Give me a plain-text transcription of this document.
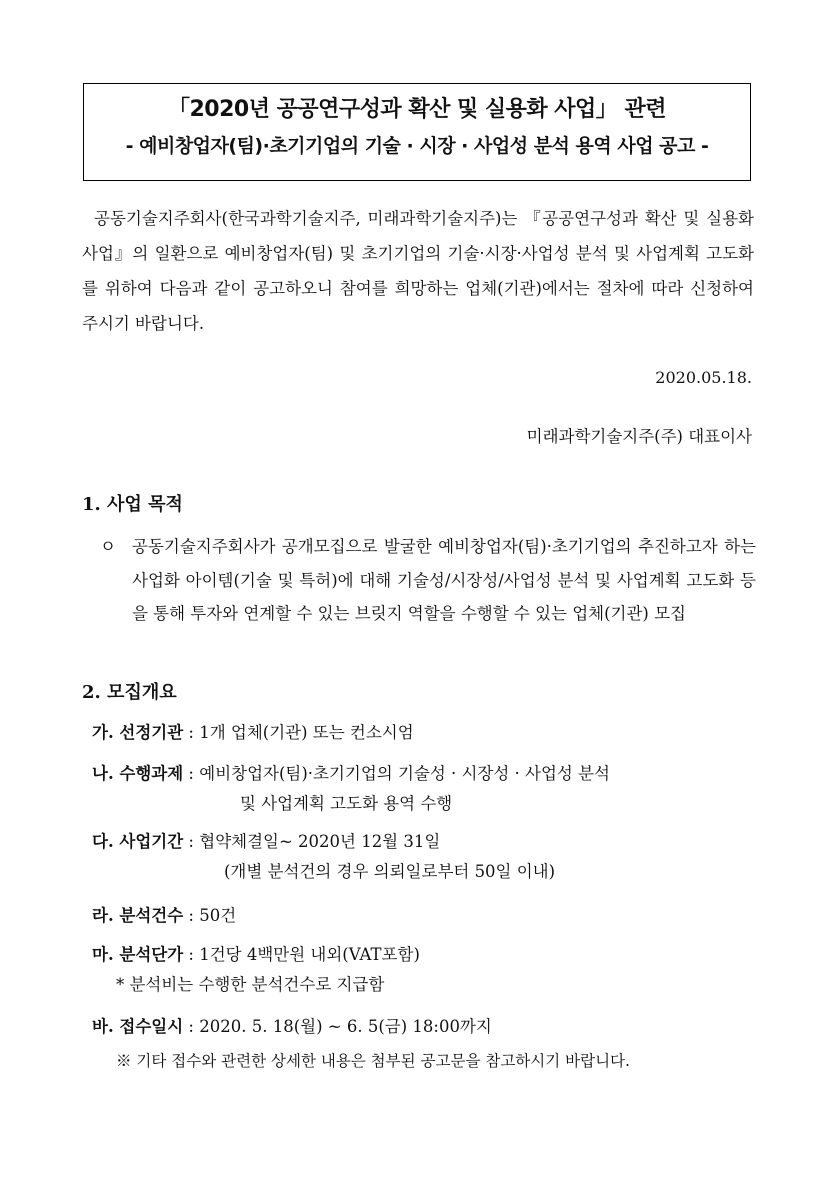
「2020년 공공연구성과 확산 및 실용화 사업」 관련
- 예비창업자(팀)·초기기업의 기술 · 시장 · 사업성 분석 용역 사업 공고 -

공동기술지주회사(한국과학기술지주, 미래과학기술지주)는 『공공연구성과 확산 및 실용화 사업』의 일환으로 예비창업자(팀) 및 초기기업의 기술·시장·사업성 분석 및 사업계획 고도화를 위하여 다음과 같이 공고하오니 참여를 희망하는 업체(기관)에서는 절차에 따라 신청하여 주시기 바랍니다.

2020.05.18.
미래과학기술지주(주) 대표이사
1. 사업 목적
ㅇ 공동기술지주회사가 공개모집으로 발굴한 예비창업자(팀)·초기기업의 추진하고자 하는 사업화 아이템(기술 및 특허)에 대해 기술성/시장성/사업성 분석 및 사업계획 고도화 등을 통해 투자와 연계할 수 있는 브릿지 역할을 수행할 수 있는 업체(기관) 모집
2. 모집개요
가. 선정기관 : 1개 업체(기관) 또는 컨소시엄
나. 수행과제 : 예비창업자(팀)·초기기업의 기술성 · 시장성 · 사업성 분석
및 사업계획 고도화 용역 수행
다. 사업기간 : 협약체결일~ 2020년 12월 31일
(개별 분석건의 경우 의뢰일로부터 50일 이내)
라. 분석건수 : 50건
마. 분석단가 : 1건당 4백만원 내외(VAT포함)
* 분석비는 수행한 분석건수로 지급함
바. 접수일시 : 2020. 5. 18(월) ~ 6. 5(금) 18:00까지
※ 기타 접수와 관련한 상세한 내용은 첨부된 공고문을 참고하시기 바랍니다.
